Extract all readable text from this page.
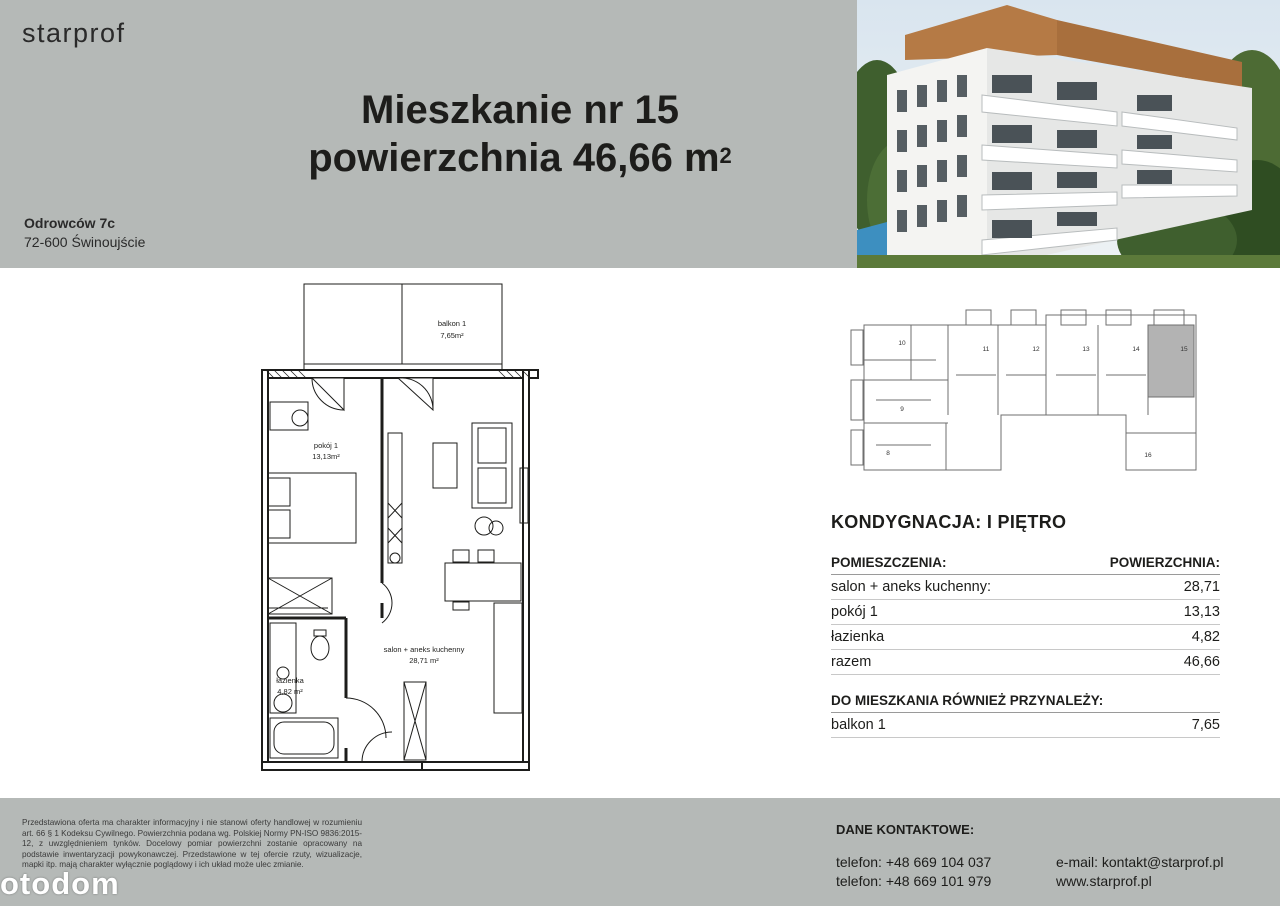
starprof
Mieszkanie nr 15
powierzchnia 46,66 $m^2$
Odrowców 7c
72-600 Świnoujście
balkon 1
7,65m²
pokój 1
13,13m²
salon + aneks kuchenny
28,71 m²
łazienka
4,82 m²
10
11	12	13	14	15
9
8	16
KONDYGNACJA: I PIĘTRO
POMIESZCZENIA:	POWIERZCHNIA:
salon + aneks kuchenny:	28,71
pokój 1	13,13
łazienka	4,82
razem	46,66
DO MIESZKANIA RÓWNIEŻ PRZYNALEŻY:
balkon 1	7,65
Przedstawiona oferta ma charakter informacyjny i nie stanowi oferty handlowej w rozumieniu art. 66 § 1 Kodeksu Cywilnego. Powierzchnia podana wg. Polskiej Normy PN-ISO 9836:2015-12, z uwzględnieniem tynków. Docelowy pomiar powierzchni zostanie opracowany na podstawie inwentaryzacji powykonawczej. Przedstawione w tej ofercie rzuty, wizualizacje, mapki itp. mają charakter wyłącznie poglądowy i ich układ może ulec zmianie.
DANE KONTAKTOWE:
telefon: +48 669 104 037
telefon: +48 669 101 979
e-mail: kontakt@starprof.pl
www.starprof.pl
otodom
